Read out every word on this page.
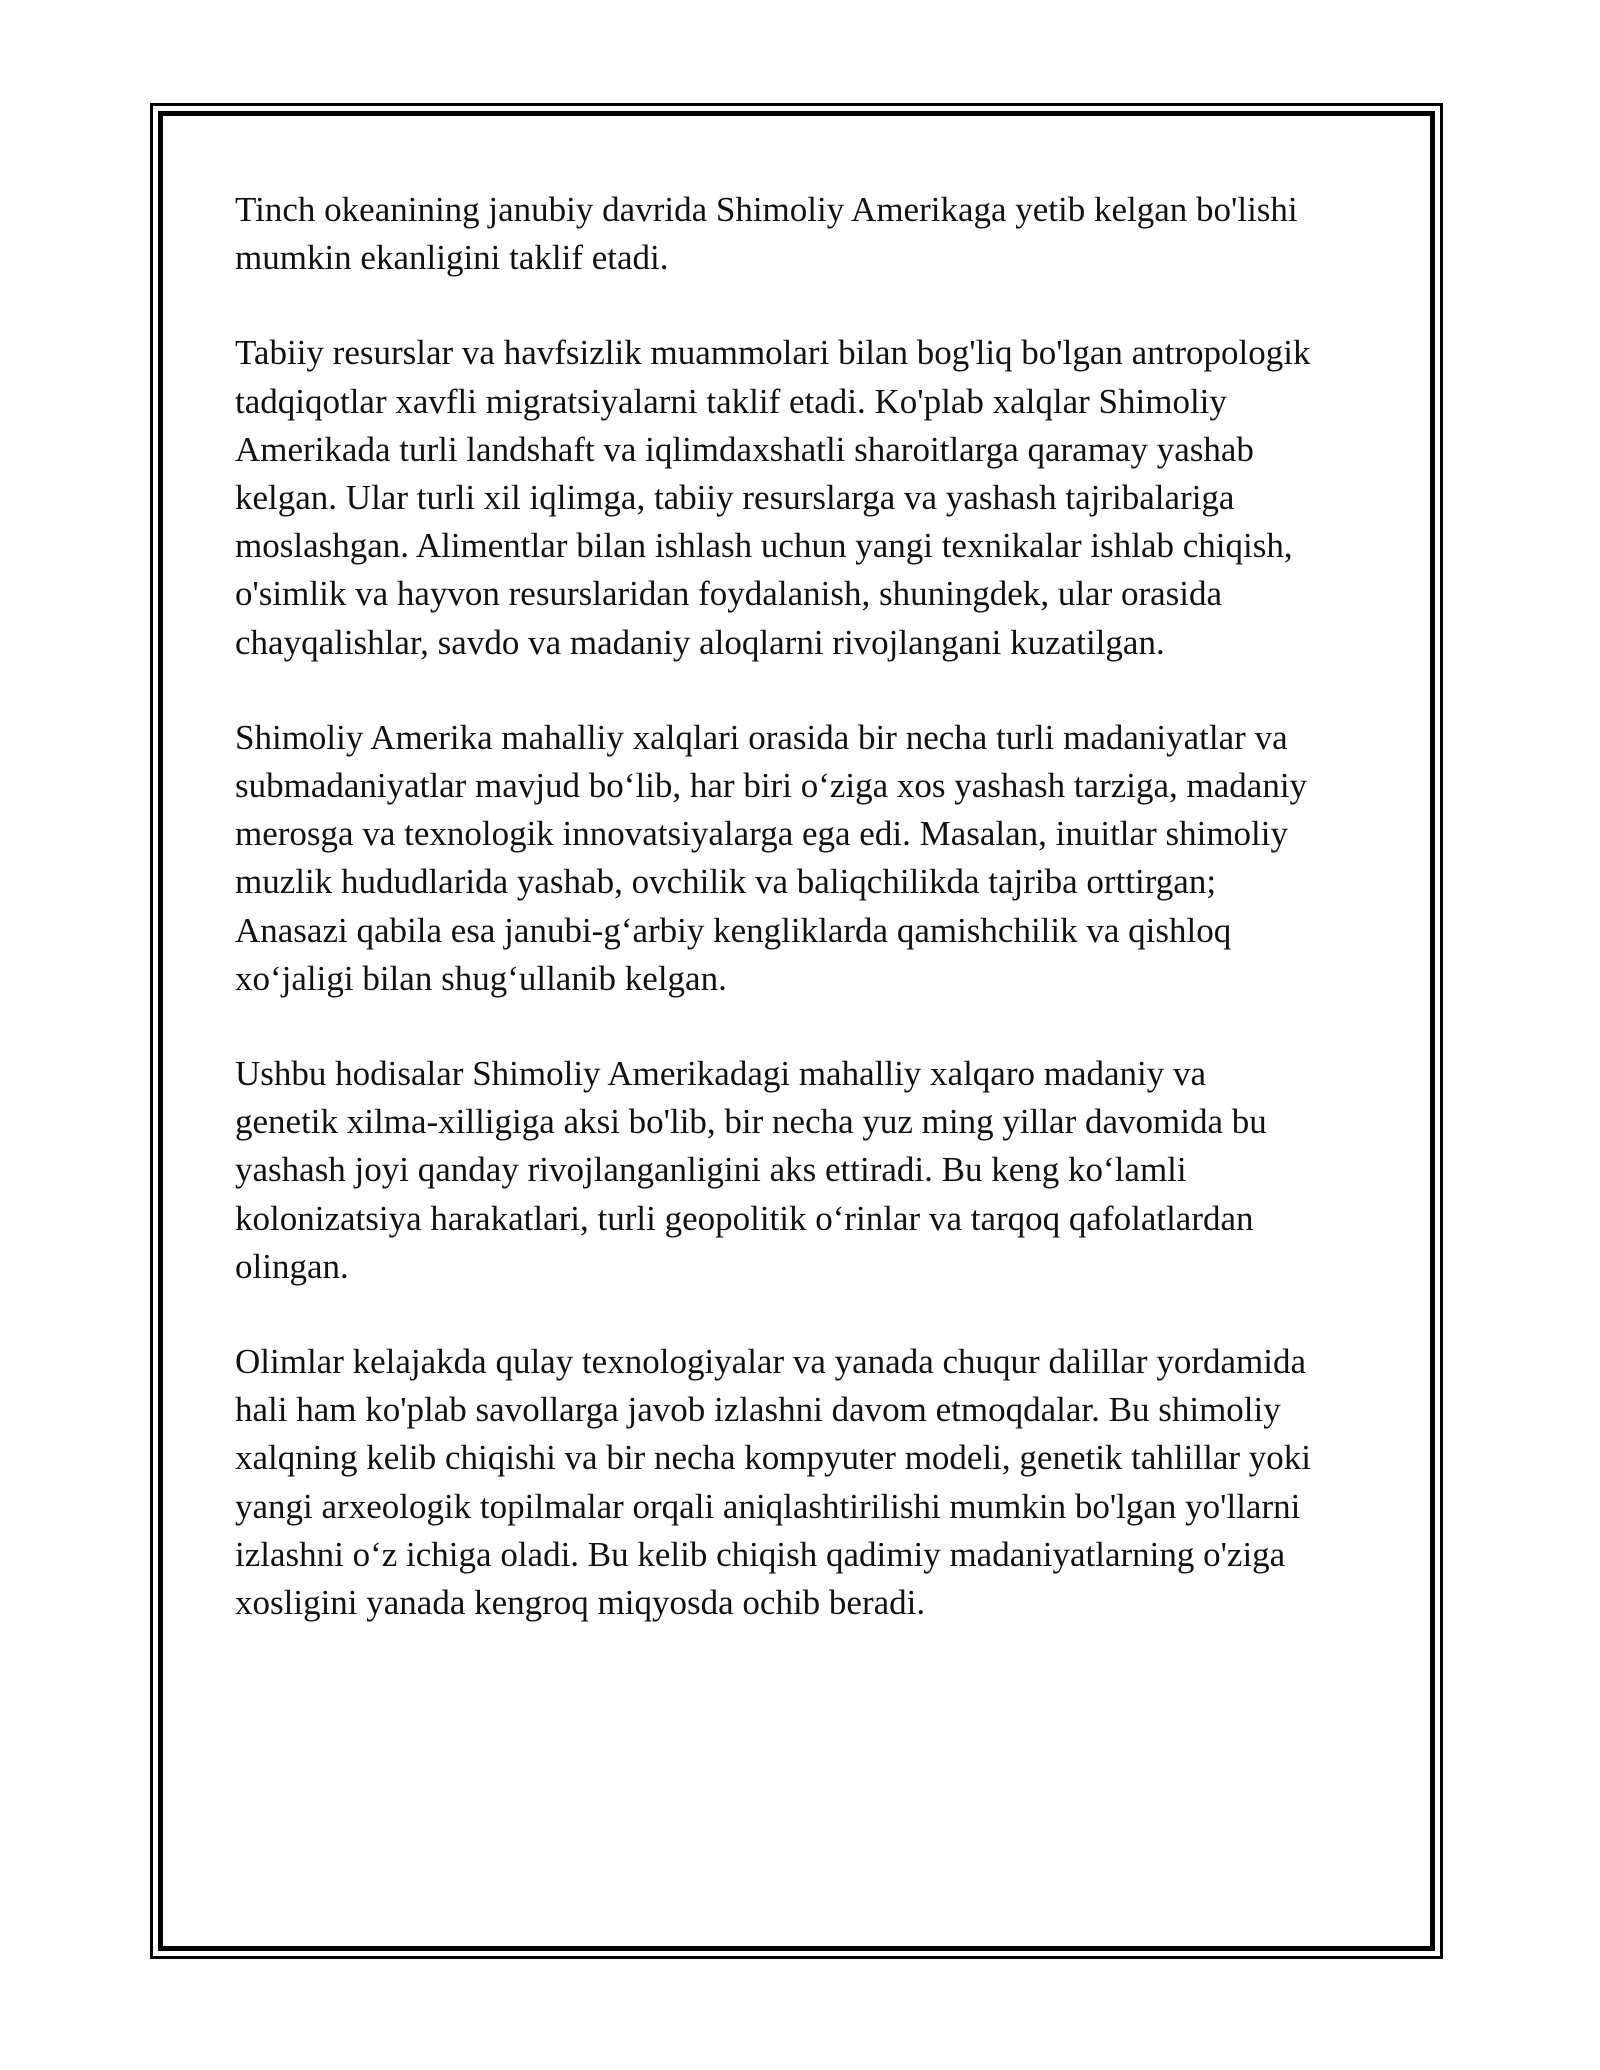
Tinch okeanining janubiy davrida Shimoliy Amerikaga yetib kelgan bo'lishi
mumkin ekanligini taklif etadi.

Tabiiy resurslar va havfsizlik muammolari bilan bog'liq bo'lgan antropologik
tadqiqotlar xavfli migratsiyalarni taklif etadi. Ko'plab xalqlar Shimoliy
Amerikada turli landshaft va iqlimdaxshatli sharoitlarga qaramay yashab
kelgan. Ular turli xil iqlimga, tabiiy resurslarga va yashash tajribalariga
moslashgan. Alimentlar bilan ishlash uchun yangi texnikalar ishlab chiqish,
o'simlik va hayvon resurslaridan foydalanish, shuningdek, ular orasida
chayqalishlar, savdo va madaniy aloqlarni rivojlangani kuzatilgan.

Shimoliy Amerika mahalliy xalqlari orasida bir necha turli madaniyatlar va
submadaniyatlar mavjud bo‘lib, har biri o‘ziga xos yashash tarziga, madaniy
merosga va texnologik innovatsiyalarga ega edi. Masalan, inuitlar shimoliy
muzlik hududlarida yashab, ovchilik va baliqchilikda tajriba orttirgan;
Anasazi qabila esa janubi-g‘arbiy kengliklarda qamishchilik va qishloq
xo‘jaligi bilan shug‘ullanib kelgan.

Ushbu hodisalar Shimoliy Amerikadagi mahalliy xalqaro madaniy va
genetik xilma-xilligiga aksi bo'lib, bir necha yuz ming yillar davomida bu
yashash joyi qanday rivojlanganligini aks ettiradi. Bu keng ko‘lamli
kolonizatsiya harakatlari, turli geopolitik o‘rinlar va tarqoq qafolatlardan
olingan.

Olimlar kelajakda qulay texnologiyalar va yanada chuqur dalillar yordamida
hali ham ko'plab savollarga javob izlashni davom etmoqdalar. Bu shimoliy
xalqning kelib chiqishi va bir necha kompyuter modeli, genetik tahlillar yoki
yangi arxeologik topilmalar orqali aniqlashtirilishi mumkin bo'lgan yo'llarni
izlashni o‘z ichiga oladi. Bu kelib chiqish qadimiy madaniyatlarning o'ziga
xosligini yanada kengroq miqyosda ochib beradi.
